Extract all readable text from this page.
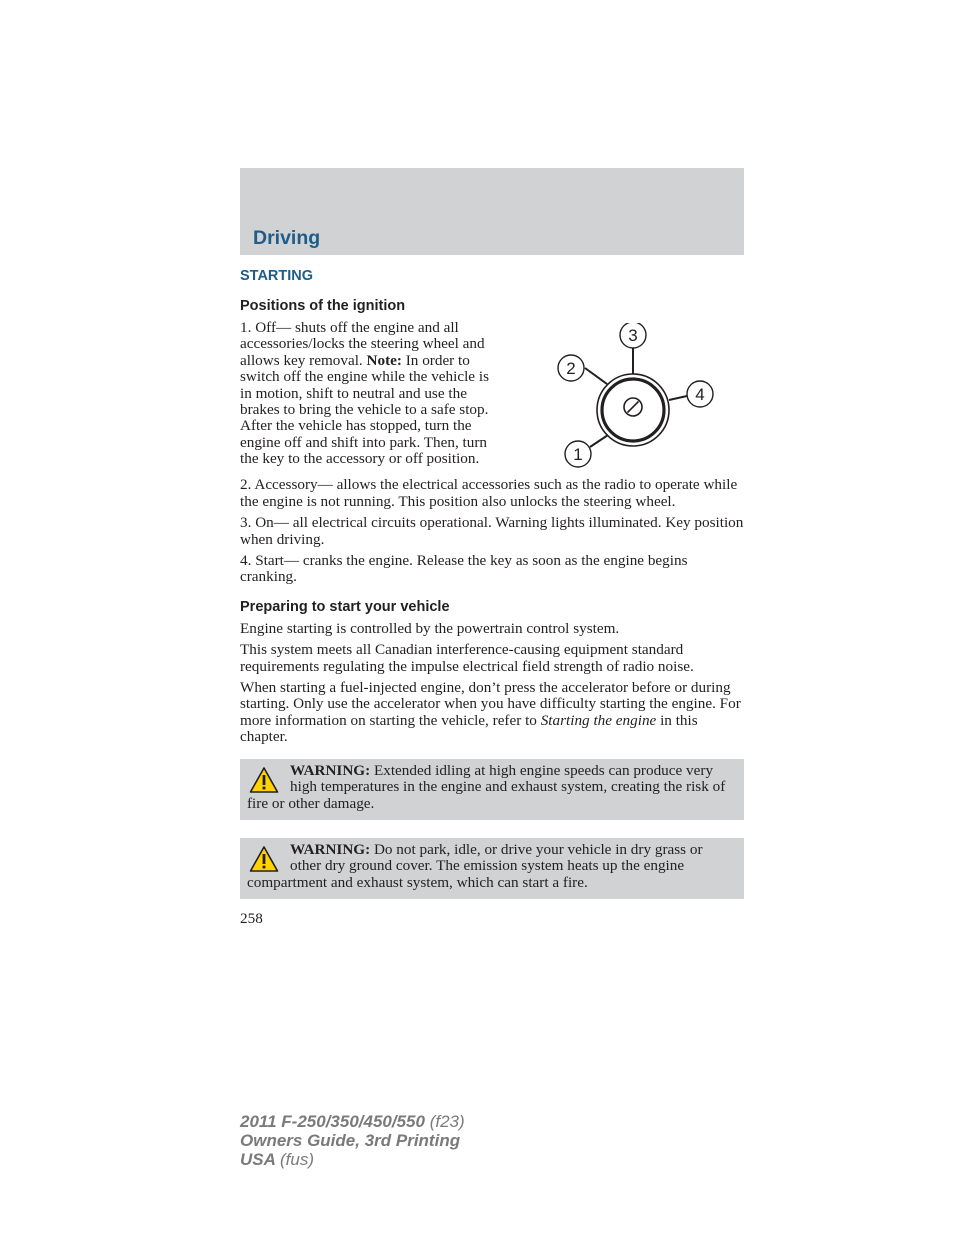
Driving
STARTING
Positions of the ignition

1. Off— shuts off the engine and all accessories/locks the steering wheel and allows key removal. Note: In order to switch off the engine while the vehicle is in motion, shift to neutral and use the brakes to bring the vehicle to a safe stop. After the vehicle has stopped, turn the engine off and shift into park. Then, turn the key to the accessory or off position.

3
2
4
1

2. Accessory— allows the electrical accessories such as the radio to operate while the engine is not running. This position also unlocks the steering wheel.

3. On— all electrical circuits operational. Warning lights illuminated. Key position when driving.

4. Start— cranks the engine. Release the key as soon as the engine begins cranking.

Preparing to start your vehicle

Engine starting is controlled by the powertrain control system.

This system meets all Canadian interference-causing equipment standard requirements regulating the impulse electrical field strength of radio noise.

When starting a fuel-injected engine, don’t press the accelerator before or during starting. Only use the accelerator when you have difficulty starting the engine. For more information on starting the vehicle, refer to Starting the engine in this chapter.

WARNING: Extended idling at high engine speeds can produce very high temperatures in the engine and exhaust system, creating the risk of fire or other damage.
WARNING: Do not park, idle, or drive your vehicle in dry grass or other dry ground cover. The emission system heats up the engine compartment and exhaust system, which can start a fire.

258

2011 F-250/350/450/550 (f23)
Owners Guide, 3rd Printing
USA (fus)
